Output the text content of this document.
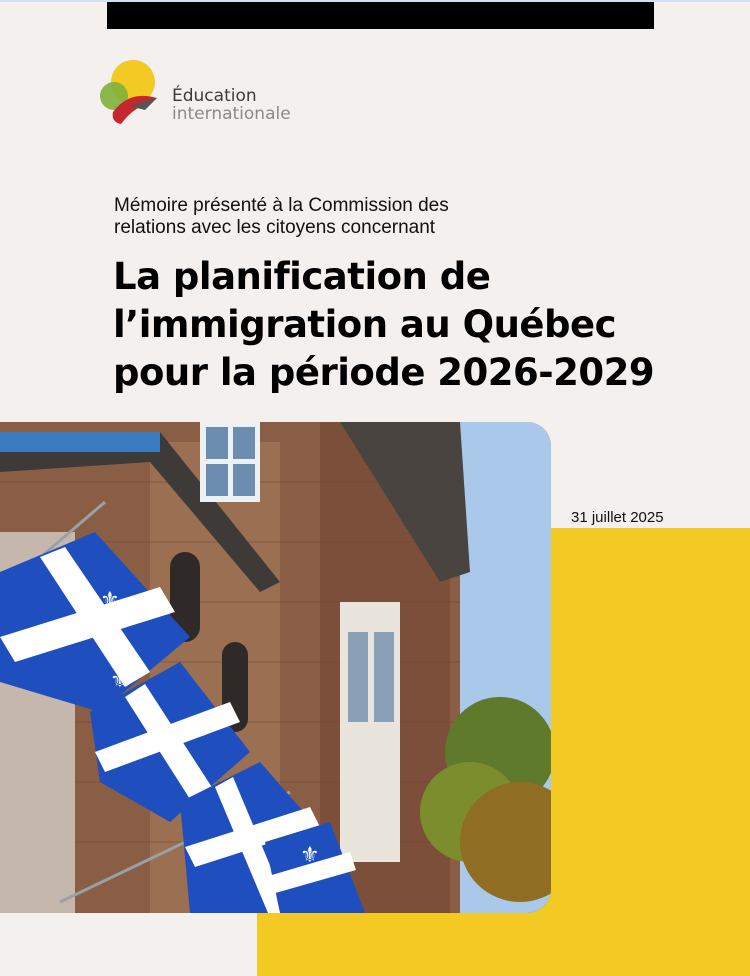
Éducation
internationale
Mémoire présenté à la Commission des
relations avec les citoyens concernant
La planification de
l’immigration au Québec
pour la période 2026-2029
31 juillet 2025
⚜
⚜
⚜
⚜
